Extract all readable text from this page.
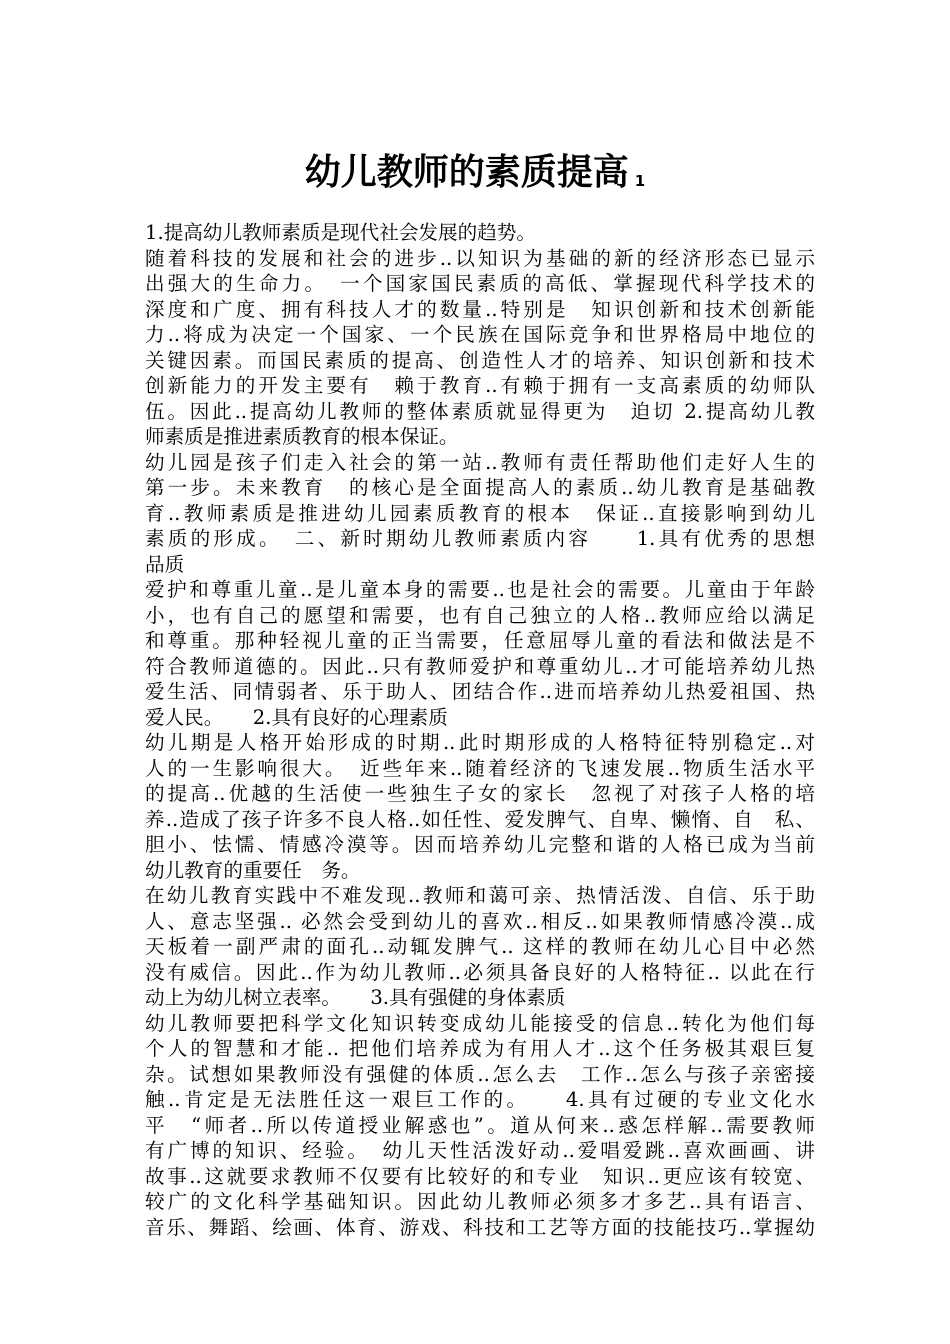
幼儿教师的素质提高 $^1$
1.提高幼儿教师素质是现代社会发展的趋势。
随着科技的发展和社会的进步..以知识为基础的新的经济形态已显示
出强大的生命力。　一个国家国民素质的高低、掌握现代科学技术的
深度和广度、拥有科技人才的数量..特别是　知识创新和技术创新能
力..将成为决定一个国家、一个民族在国际竞争和世界格局中地位的
关键因素。而国民素质的提高、创造性人才的培养、知识创新和技术
创新能力的开发主要有　赖于教育..有赖于拥有一支高素质的幼师队
伍。因此..提高幼儿教师的整体素质就显得更为　迫切 2.提高幼儿教
师素质是推进素质教育的根本保证。
幼儿园是孩子们走入社会的第一站..教师有责任帮助他们走好人生的
第一步。未来教育　的核心是全面提高人的素质..幼儿教育是基础教
育..教师素质是推进幼儿园素质教育的根本　保证..直接影响到幼儿
素质的形成。　二、新时期幼儿教师素质内容　　1.具有优秀的思想
品质
爱护和尊重儿童..是儿童本身的需要..也是社会的需要。儿童由于年龄
小，也有自己的愿望和需要，也有自己独立的人格..教师应给以满足
和尊重。那种轻视儿童的正当需要，任意屈辱儿童的看法和做法是不
符合教师道德的。因此..只有教师爱护和尊重幼儿..才可能培养幼儿热
爱生活、同情弱者、乐于助人、团结合作..进而培养幼儿热爱祖国、热
爱人民。　　2.具有良好的心理素质
幼儿期是人格开始形成的时期..此时期形成的人格特征特别稳定..对
人的一生影响很大。　近些年来..随着经济的飞速发展..物质生活水平
的提高..优越的生活使一些独生子女的家长　忽视了对孩子人格的培
养..造成了孩子许多不良人格..如任性、爱发脾气、自卑、懒惰、自　私、
胆小、怯懦、情感冷漠等。因而培养幼儿完整和谐的人格已成为当前
幼儿教育的重要任　务。
在幼儿教育实践中不难发现..教师和蔼可亲、热情活泼、自信、乐于助
人、意志坚强.. 必然会受到幼儿的喜欢..相反..如果教师情感冷漠..成
天板着一副严肃的面孔..动辄发脾气.. 这样的教师在幼儿心目中必然
没有威信。因此..作为幼儿教师..必须具备良好的人格特征.. 以此在行
动上为幼儿树立表率。　　3.具有强健的身体素质
幼儿教师要把科学文化知识转变成幼儿能接受的信息..转化为他们每
个人的智慧和才能.. 把他们培养成为有用人才..这个任务极其艰巨复
杂。试想如果教师没有强健的体质..怎么去　工作..怎么与孩子亲密接
触..肯定是无法胜任这一艰巨工作的。　　4.具有过硬的专业文化水
平　“师者..所以传道授业解惑也”。道从何来..惑怎样解..需要教师
有广博的知识、经验。　幼儿天性活泼好动..爱唱爱跳..喜欢画画、讲
故事..这就要求教师不仅要有比较好的和专业　知识..更应该有较宽、
较广的文化科学基础知识。因此幼儿教师必须多才多艺..具有语言、
音乐、舞蹈、绘画、体育、游戏、科技和工艺等方面的技能技巧..掌握幼
